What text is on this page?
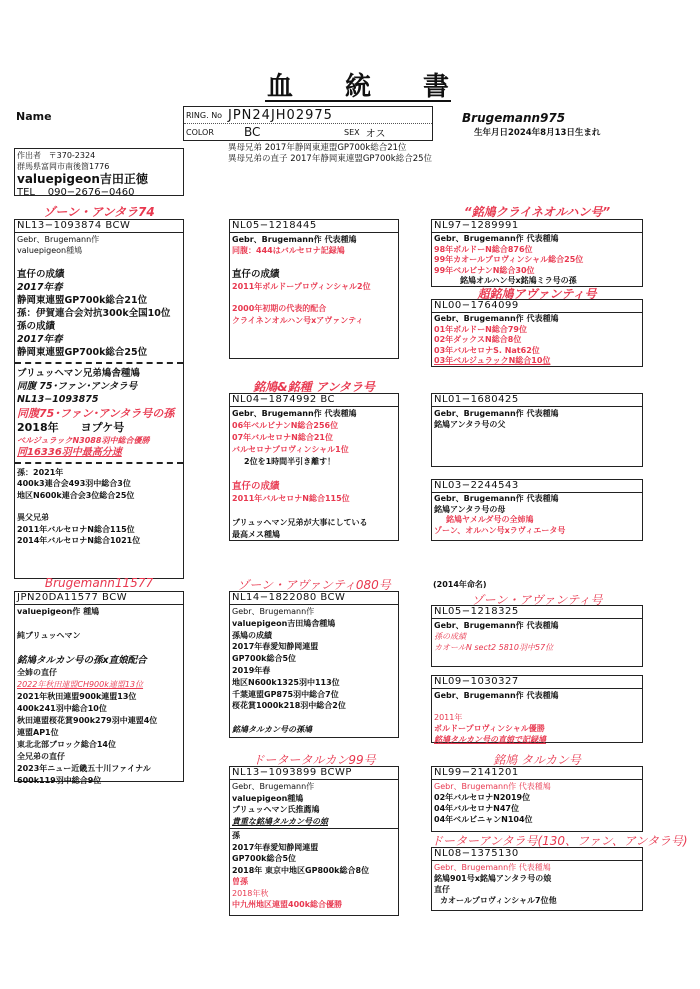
血　　統　　書
Name	RING. No JPN24JH02975
COLOR	BC	SEX オス
異母兄弟 2017年静岡東連盟GP700k総合21位
異母兄弟の直子 2017年静岡東連盟GP700k総合25位
Brugemann975
生年月日2024年8月13日生まれ
作出者 〒370-2324
群馬県富岡市南後箇1776
valuepigeon吉田正徳
TEL 090−2676−0460
ゾーン・アンタラ74
NL13−1093874 BCW
Gebr、Brugemann作
valuepigeon種鳩

直仔の成績
2017年春
静岡東連盟GP700k総合21位
孫：伊賀連合会対抗300k全国10位
孫の成績
2017年春
静岡東連盟GP700k総合25位
ブリュッヘマン兄弟鳩舎種鳩
同腹 75･ファン･アンタラ号
NL13−1093875
同腹75･ファン･アンタラ号の孫
2018年　　ヨプケ号
ベルジュラックN3088羽中総合優勝
同16336羽中最高分速
孫：2021年
400k3連合会493羽中総合3位
地区N600k連合会3位総合25位

異父兄弟
2011年バルセロナN総合115位
2014年バルセロナN総合1021位
NL05−1218445
Gebr、Brugemann作 代表種鳩
同腹：444はバルセロナ記録鳩

直仔の成績
2011年ボルドープロヴィンシャル2位

2000年初期の代表的配合
クライネンオルハン号xアヴァンティ
銘鳩&銘種 アンタラ号
NL04−1874992 BC
Gebr、Brugemann作 代表種鳩
06年ベルビナンN総合256位
07年バルセロナN総合21位
バルセロナプロヴィンシャル1位
2位を1時間半引き離す！

直仔の成績
2011年バルセロナN総合115位

ブリュッヘマン兄弟が大事にしている
最高メス種鳩
“銘鳩クライネオルハン号”
NL97−1289991
Gebr、Brugemann作 代表種鳩
98年ボルドーN総合876位
99年カオールプロヴィンシャル総合25位
99年ベルビナンN総合30位
銘鳩オルハン号x銘鳩ミラ号の孫
超銘鳩アヴァンティ号
NL00−1764099
Gebr、Brugemann作 代表種鳩
01年ボルドーN総合79位
02年ダックスN総合8位
03年バルセロナS. Nat62位
03年ベルジュラックN総合10位
NL01−1680425
Gebr、Brugemann作 代表種鳩
銘鳩アンタラ号の父
NL03−2244543
Gebr、Brugemann作 代表種鳩
銘鳩アンタラ号の母
銘鳩ヤメルダ号の全姉鳩
ゾーン、オルハン号xラヴィエータ号
Brugemann11577
JPN20DA11577 BCW
valuepigeon作 種鳩

純ブリュッヘマン

銘鳩タルカン号の孫x直娘配合
全姉の直仔
2022年秋田連盟CH900k連盟13位
2021年秋田連盟900k連盟13位
400k241羽中総合10位
秋田連盟桜花賞900k279羽中連盟4位
連盟AP1位
東北北部ブロック総合14位
全兄弟の直仔
2023年ニュー近畿五十川ファイナル
600k119羽中総合9位
ゾーン・アヴァンティ080号
NL14−1822080 BCW
Gebr、Brugemann作
valuepigeon吉田鳩舎種鳩
孫鳩の成績
2017年春愛知静岡連盟
GP700k総合5位
2019年春
地区N600k1325羽中113位
千葉連盟GP875羽中総合7位
桜花賞1000k218羽中総合2位

銘鳩タルカン号の孫鳩
ドータータルカン99号
NL13−1093899 BCWP
Gebr、Brugemann作
valuepigeon種鳩
ブリュッヘマン氏推薦鳩
貴重な銘鳩タルカン号の娘
孫
2017年春愛知静岡連盟
GP700k総合5位
2018年 東京中地区GP800k総合8位
曽孫
2018年秋
中九州地区連盟400k総合優勝
(2014年命名)
ゾーン・アヴァンティ号
NL05−1218325
Gebr、Brugemann作 代表種鳩
孫の成績
カオールN sect2 5810羽中57位
NL09−1030327
Gebr、Brugemann作 代表種鳩

2011年
ボルドープロヴィンシャル優勝
銘鳩タルカン号の直娘で記録鳩
銘鳩 タルカン号
NL99−2141201
Gebr、Brugemann作 代表種鳩
02年バルセロナN2019位
04年バルセロナN47位
04年ベルビニャンN104位
ドーターアンタラ号(130、ファン、アンタラ号)
NL08−1375130
Gebr、Brugemann作 代表種鳩
銘鳩901号x銘鳩アンタラ号の娘
直仔
カオールプロヴィンシャル7位他
